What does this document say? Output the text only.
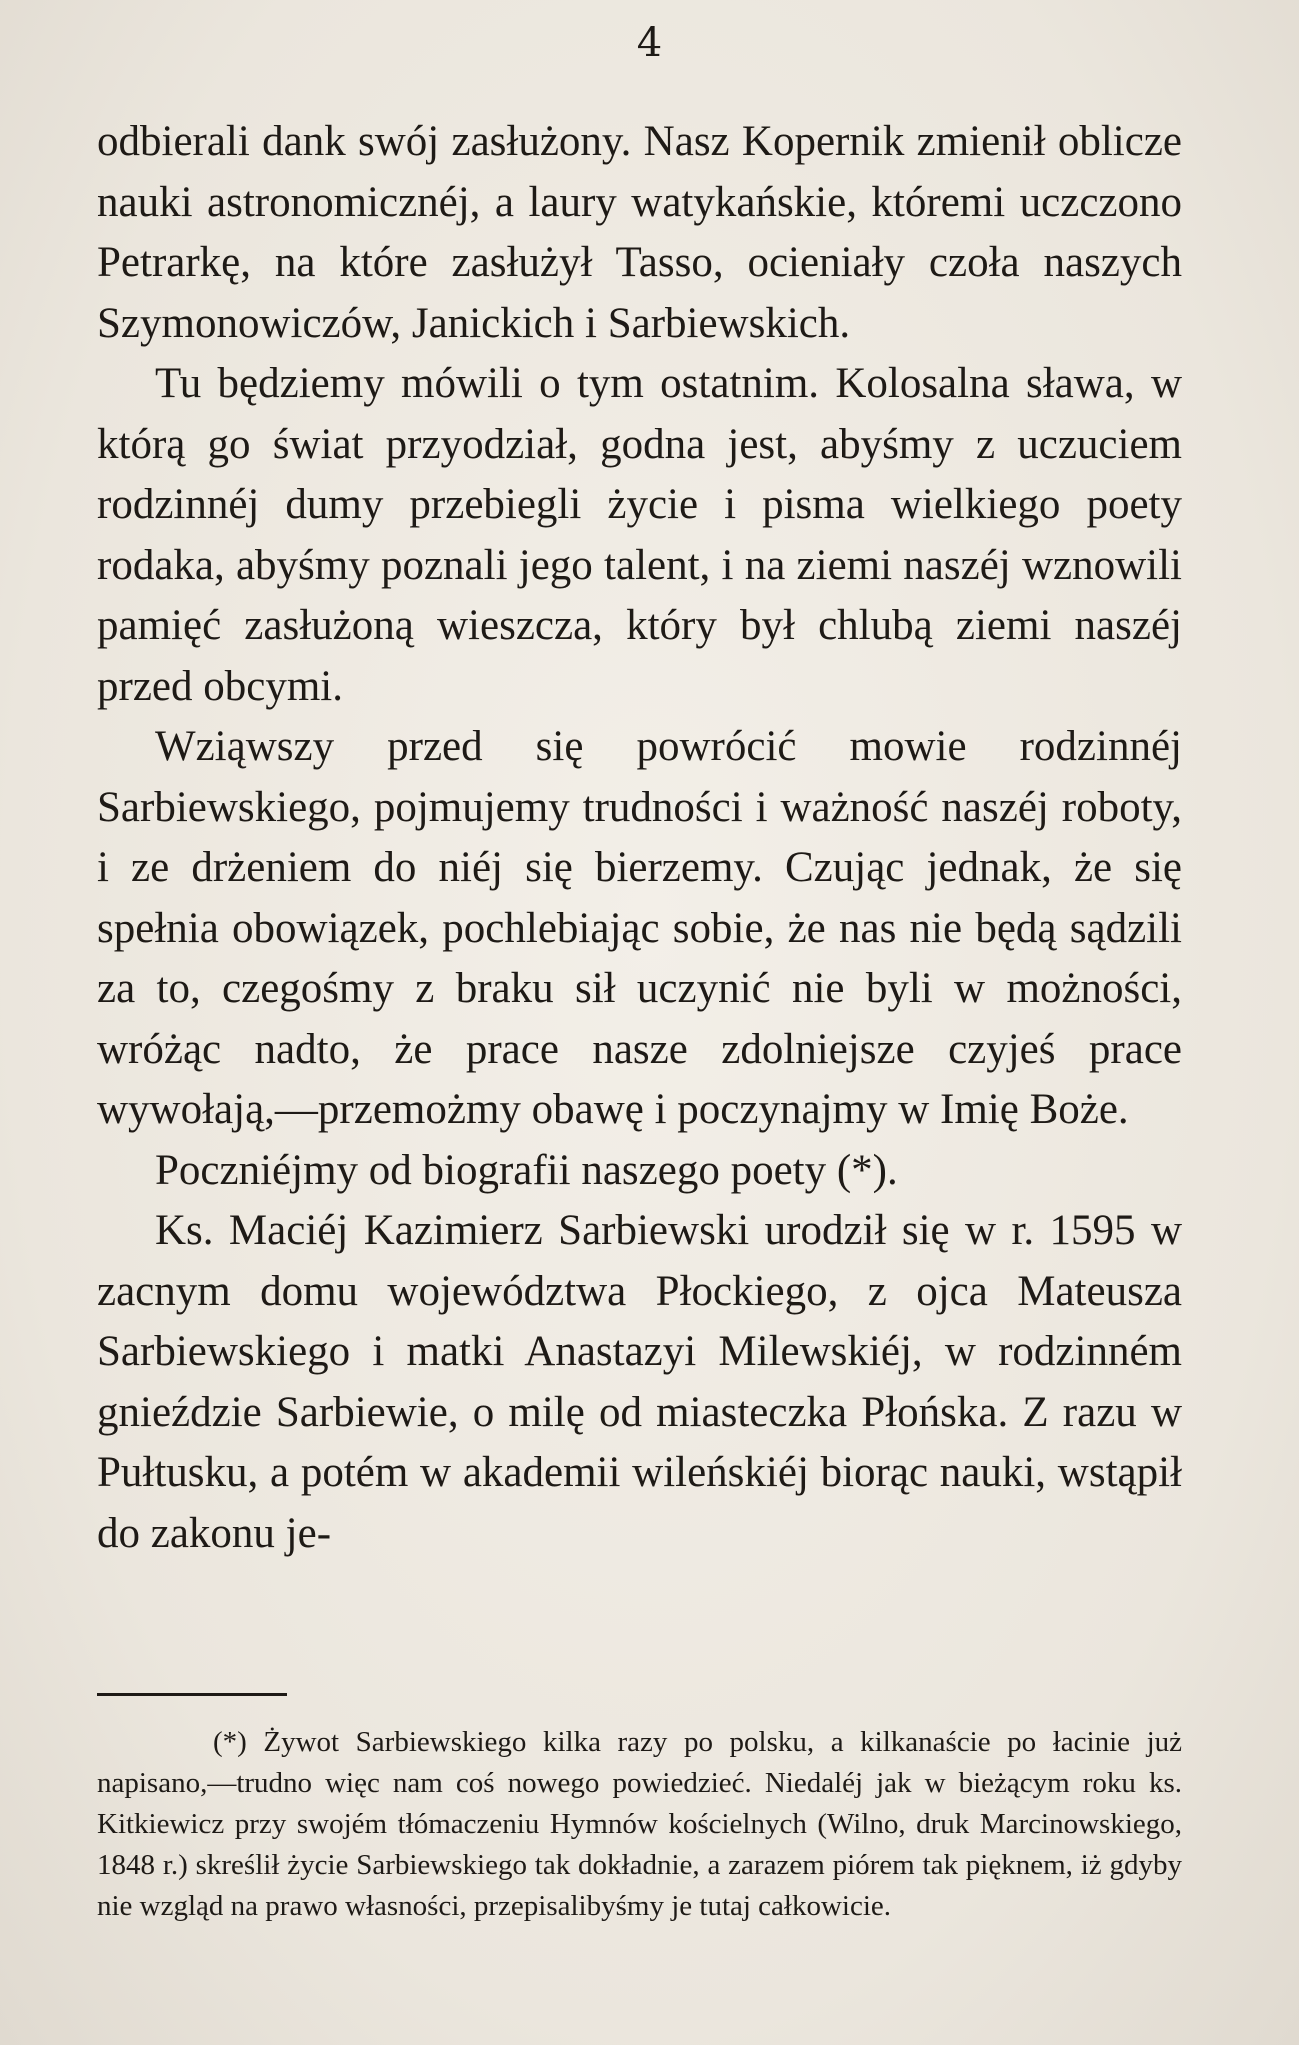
4

odbierali dank swój zasłużony. Nasz Kopernik zmienił oblicze nauki astronomicznéj, a laury watykańskie, któremi uczczono Petrarkę, na które zasłużył Tasso, ocieniały czoła naszych Szymonowiczów, Janickich i Sarbiewskich.

Tu będziemy mówili o tym ostatnim. Kolosalna sława, w którą go świat przyodział, godna jest, abyśmy z uczuciem rodzinnéj dumy przebiegli życie i pisma wielkiego poety rodaka, abyśmy poznali jego talent, i na ziemi naszéj wznowili pamięć zasłużoną wieszcza, który był chlubą ziemi naszéj przed obcymi.

Wziąwszy przed się powrócić mowie rodzinnéj Sarbiewskiego, pojmujemy trudności i ważność naszéj roboty, i ze drżeniem do niéj się bierzemy. Czując jednak, że się spełnia obowiązek, pochlebiając sobie, że nas nie będą sądzili za to, czegośmy z braku sił uczynić nie byli w możności, wróżąc nadto, że prace nasze zdolniejsze czyjeś prace wywołają,—przemożmy obawę i poczynajmy w Imię Boże.

Poczniéjmy od biografii naszego poety (*).

Ks. Maciéj Kazimierz Sarbiewski urodził się w r. 1595 w zacnym domu województwa Płockiego, z ojca Mateusza Sarbiewskiego i matki Anastazyi Milewskiéj, w rodzinném gnieździe Sarbiewie, o milę od miasteczka Płońska. Z razu w Pułtusku, a potém w akademii wileńskiéj biorąc nauki, wstąpił do zakonu je-

(*) Żywot Sarbiewskiego kilka razy po polsku, a kilkanaście po łacinie już napisano,—trudno więc nam coś nowego powiedzieć. Niedaléj jak w bieżącym roku ks. Kitkiewicz przy swojém tłómaczeniu Hymnów kościelnych (Wilno, druk Marcinowskiego, 1848 r.) skreślił życie Sarbiewskiego tak dokładnie, a zarazem piórem tak pięknem, iż gdyby nie wzgląd na prawo własności, przepisalibyśmy je tutaj całkowicie.
